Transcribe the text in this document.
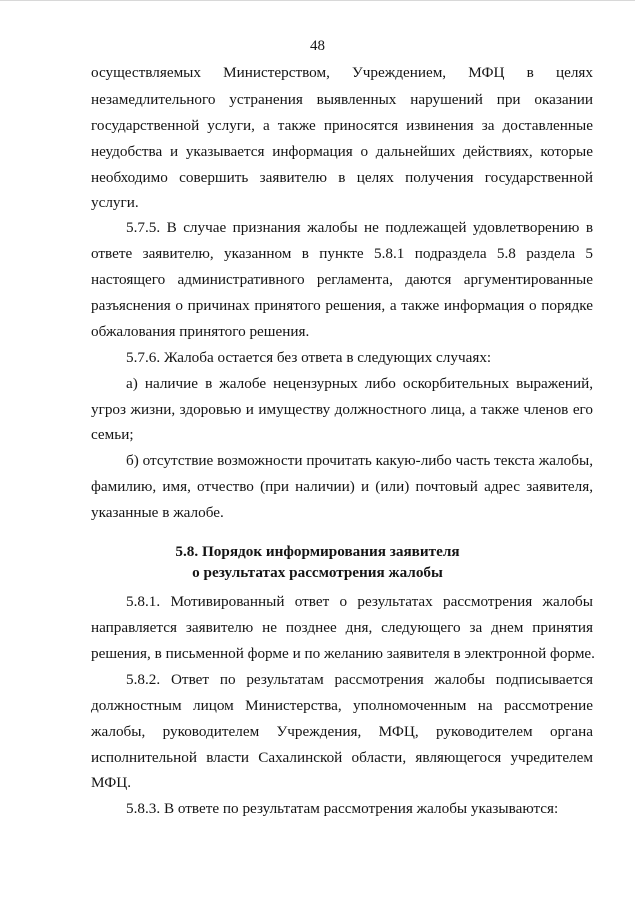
48
осуществляемых Министерством, Учреждением, МФЦ в целях
незамедлительного устранения выявленных нарушений при оказании
государственной услуги, а также приносятся извинения за доставленные
неудобства и указывается информация о дальнейших действиях, которые
необходимо совершить заявителю в целях получения государственной
услуги.
5.7.5. В случае признания жалобы не подлежащей удовлетворению в
ответе заявителю, указанном в пункте 5.8.1 подраздела 5.8 раздела 5
настоящего административного регламента, даются аргументированные
разъяснения о причинах принятого решения, а также информация о порядке
обжалования принятого решения.
5.7.6. Жалоба остается без ответа в следующих случаях:
а) наличие в жалобе нецензурных либо оскорбительных выражений,
угроз жизни, здоровью и имуществу должностного лица, а также членов его
семьи;
б) отсутствие возможности прочитать какую-либо часть текста жалобы,
фамилию, имя, отчество (при наличии) и (или) почтовый адрес заявителя,
указанные в жалобе.
5.8. Порядок информирования заявителя
о результатах рассмотрения жалобы
5.8.1. Мотивированный ответ о результатах рассмотрения жалобы
направляется заявителю не позднее дня, следующего за днем принятия
решения, в письменной форме и по желанию заявителя в электронной форме.
5.8.2. Ответ по результатам рассмотрения жалобы подписывается
должностным лицом Министерства, уполномоченным на рассмотрение
жалобы, руководителем Учреждения, МФЦ, руководителем органа
исполнительной власти Сахалинской области, являющегося учредителем
МФЦ.
5.8.3. В ответе по результатам рассмотрения жалобы указываются:
